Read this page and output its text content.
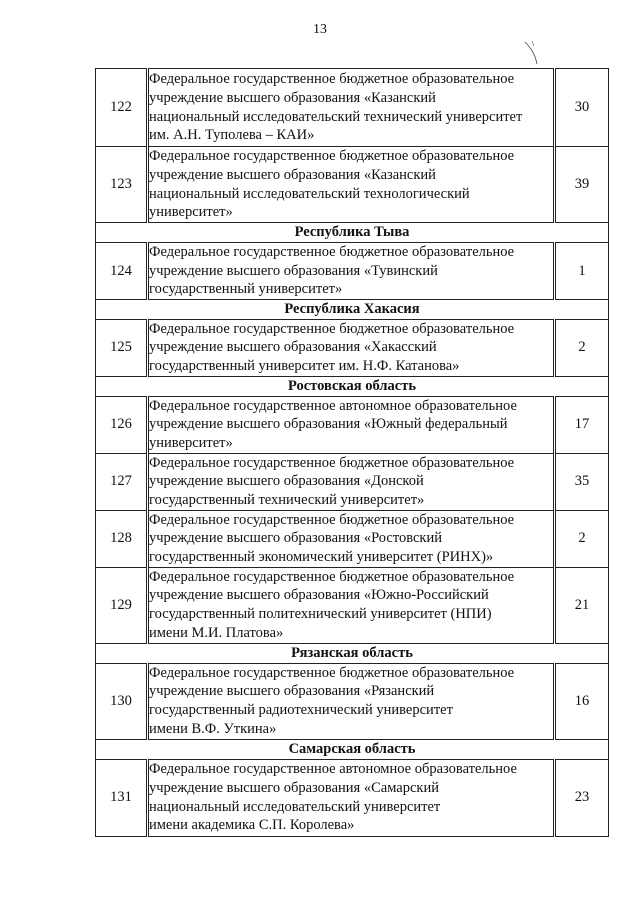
13
122	Федеральное государственное бюджетное образовательное
учреждение высшего образования «Казанский
национальный исследовательский технический университет
им. А.Н. Туполева – КАИ»	30
123	Федеральное государственное бюджетное образовательное
учреждение высшего образования «Казанский
национальный исследовательский технологический
университет»	39
Республика Тыва		
124	Федеральное государственное бюджетное образовательное
учреждение высшего образования «Тувинский
государственный университет»	1
Республика Хакасия		
125	Федеральное государственное бюджетное образовательное
учреждение высшего образования «Хакасский
государственный университет им. Н.Ф. Катанова»	2
Ростовская область		
126	Федеральное государственное автономное образовательное
учреждение высшего образования «Южный федеральный
университет»	17
127	Федеральное государственное бюджетное образовательное
учреждение высшего образования «Донской
государственный технический университет»	35
128	Федеральное государственное бюджетное образовательное
учреждение высшего образования «Ростовский
государственный экономический университет (РИНХ)»	2
129	Федеральное государственное бюджетное образовательное
учреждение высшего образования «Южно-Российский
государственный политехнический университет (НПИ)
имени М.И. Платова»	21
Рязанская область		
130	Федеральное государственное бюджетное образовательное
учреждение высшего образования «Рязанский
государственный радиотехнический университет
имени В.Ф. Уткина»	16
Самарская область		
131	Федеральное государственное автономное образовательное
учреждение высшего образования «Самарский
национальный исследовательский университет
имени академика С.П. Королева»	23
